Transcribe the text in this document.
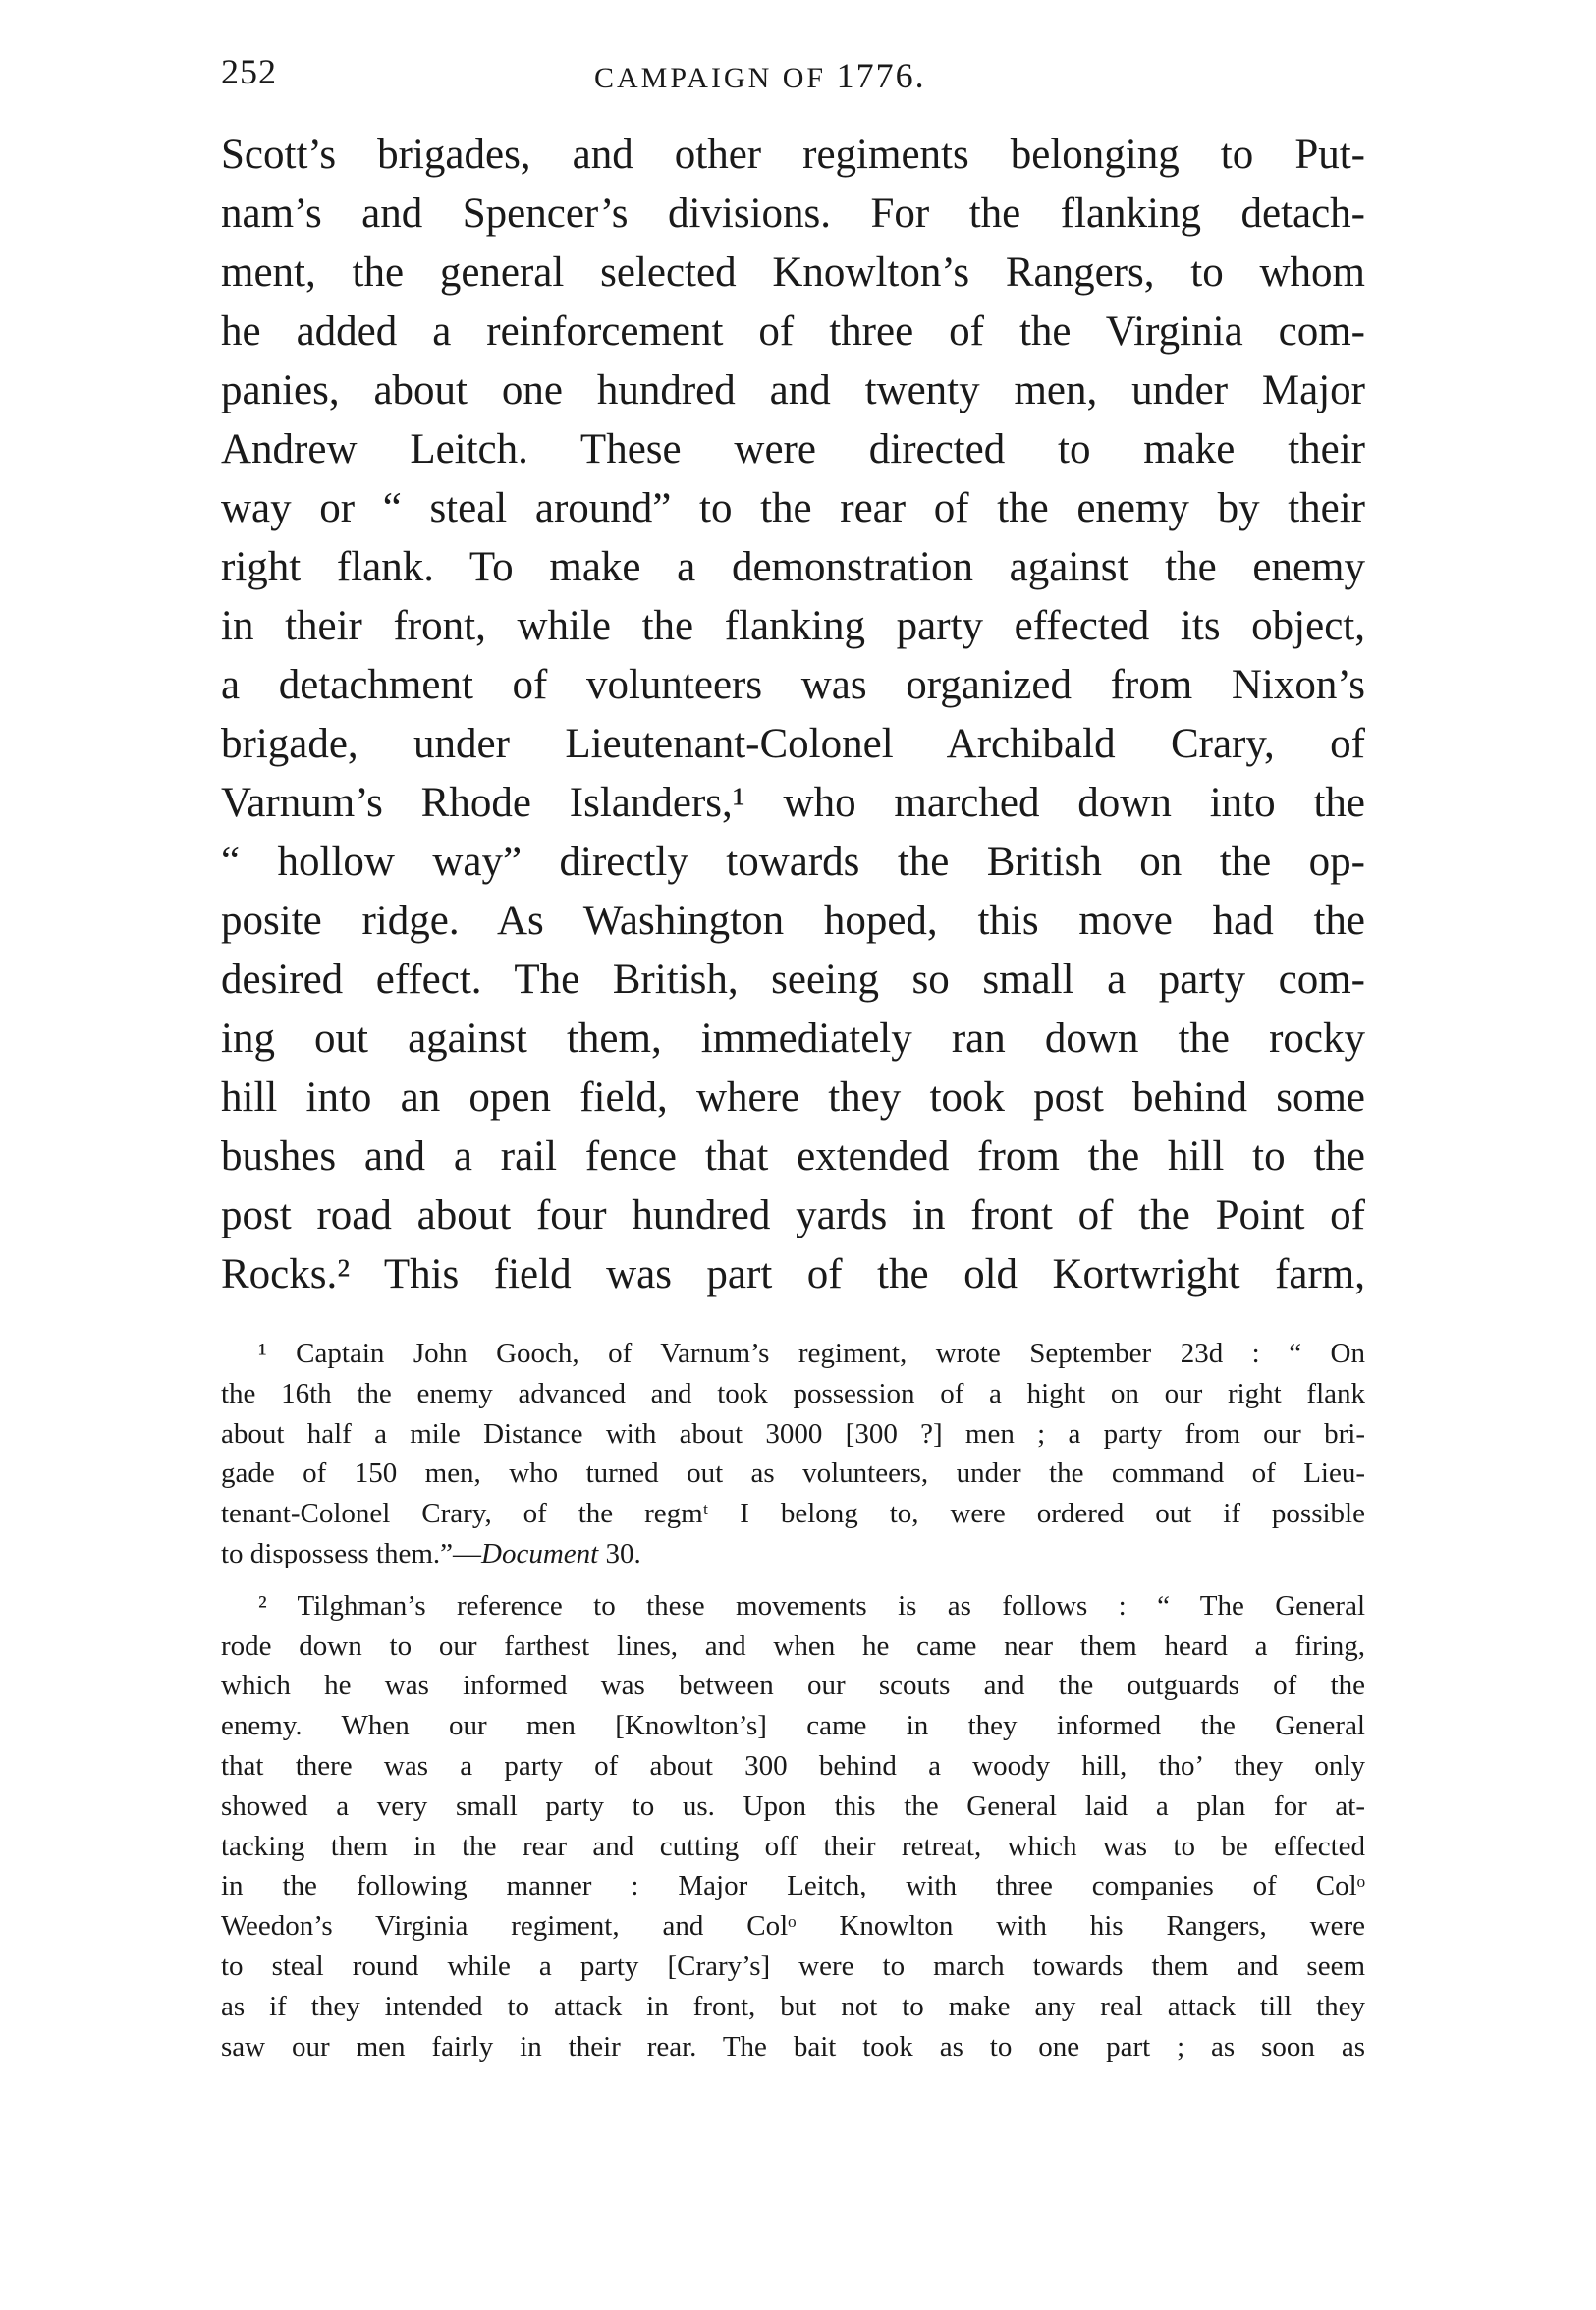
252	CAMPAIGN OF 1776.
Scott’s brigades, and other regiments belonging to Put-
nam’s and Spencer’s divisions. For the flanking detach-
ment, the general selected Knowlton’s Rangers, to whom
he added a reinforcement of three of the Virginia com-
panies, about one hundred and twenty men, under Major
Andrew Leitch. These were directed to make their
way or “ steal around” to the rear of the enemy by their
right flank. To make a demonstration against the enemy
in their front, while the flanking party effected its object,
a detachment of volunteers was organized from Nixon’s
brigade, under Lieutenant-Colonel Archibald Crary, of
Varnum’s Rhode Islanders,¹ who marched down into the
“ hollow way” directly towards the British on the op-
posite ridge. As Washington hoped, this move had the
desired effect. The British, seeing so small a party com-
ing out against them, immediately ran down the rocky
hill into an open field, where they took post behind some
bushes and a rail fence that extended from the hill to the
post road about four hundred yards in front of the Point of
Rocks.² This field was part of the old Kortwright farm,
¹ Captain John Gooch, of Varnum’s regiment, wrote September 23d : “ On
the 16th the enemy advanced and took possession of a hight on our right flank
about half a mile Distance with about 3000 [300 ?] men ; a party from our bri-
gade of 150 men, who turned out as volunteers, under the command of Lieu-
tenant-Colonel Crary, of the regmᵗ I belong to, were ordered out if possible
to dispossess them.”—Document 30.
² Tilghman’s reference to these movements is as follows : “ The General
rode down to our farthest lines, and when he came near them heard a firing,
which he was informed was between our scouts and the outguards of the
enemy. When our men [Knowlton’s] came in they informed the General
that there was a party of about 300 behind a woody hill, tho’ they only
showed a very small party to us. Upon this the General laid a plan for at-
tacking them in the rear and cutting off their retreat, which was to be effected
in the following manner : Major Leitch, with three companies of Colᵒ
Weedon’s Virginia regiment, and Colᵒ Knowlton with his Rangers, were
to steal round while a party [Crary’s] were to march towards them and seem
as if they intended to attack in front, but not to make any real attack till they
saw our men fairly in their rear. The bait took as to one part ; as soon as
